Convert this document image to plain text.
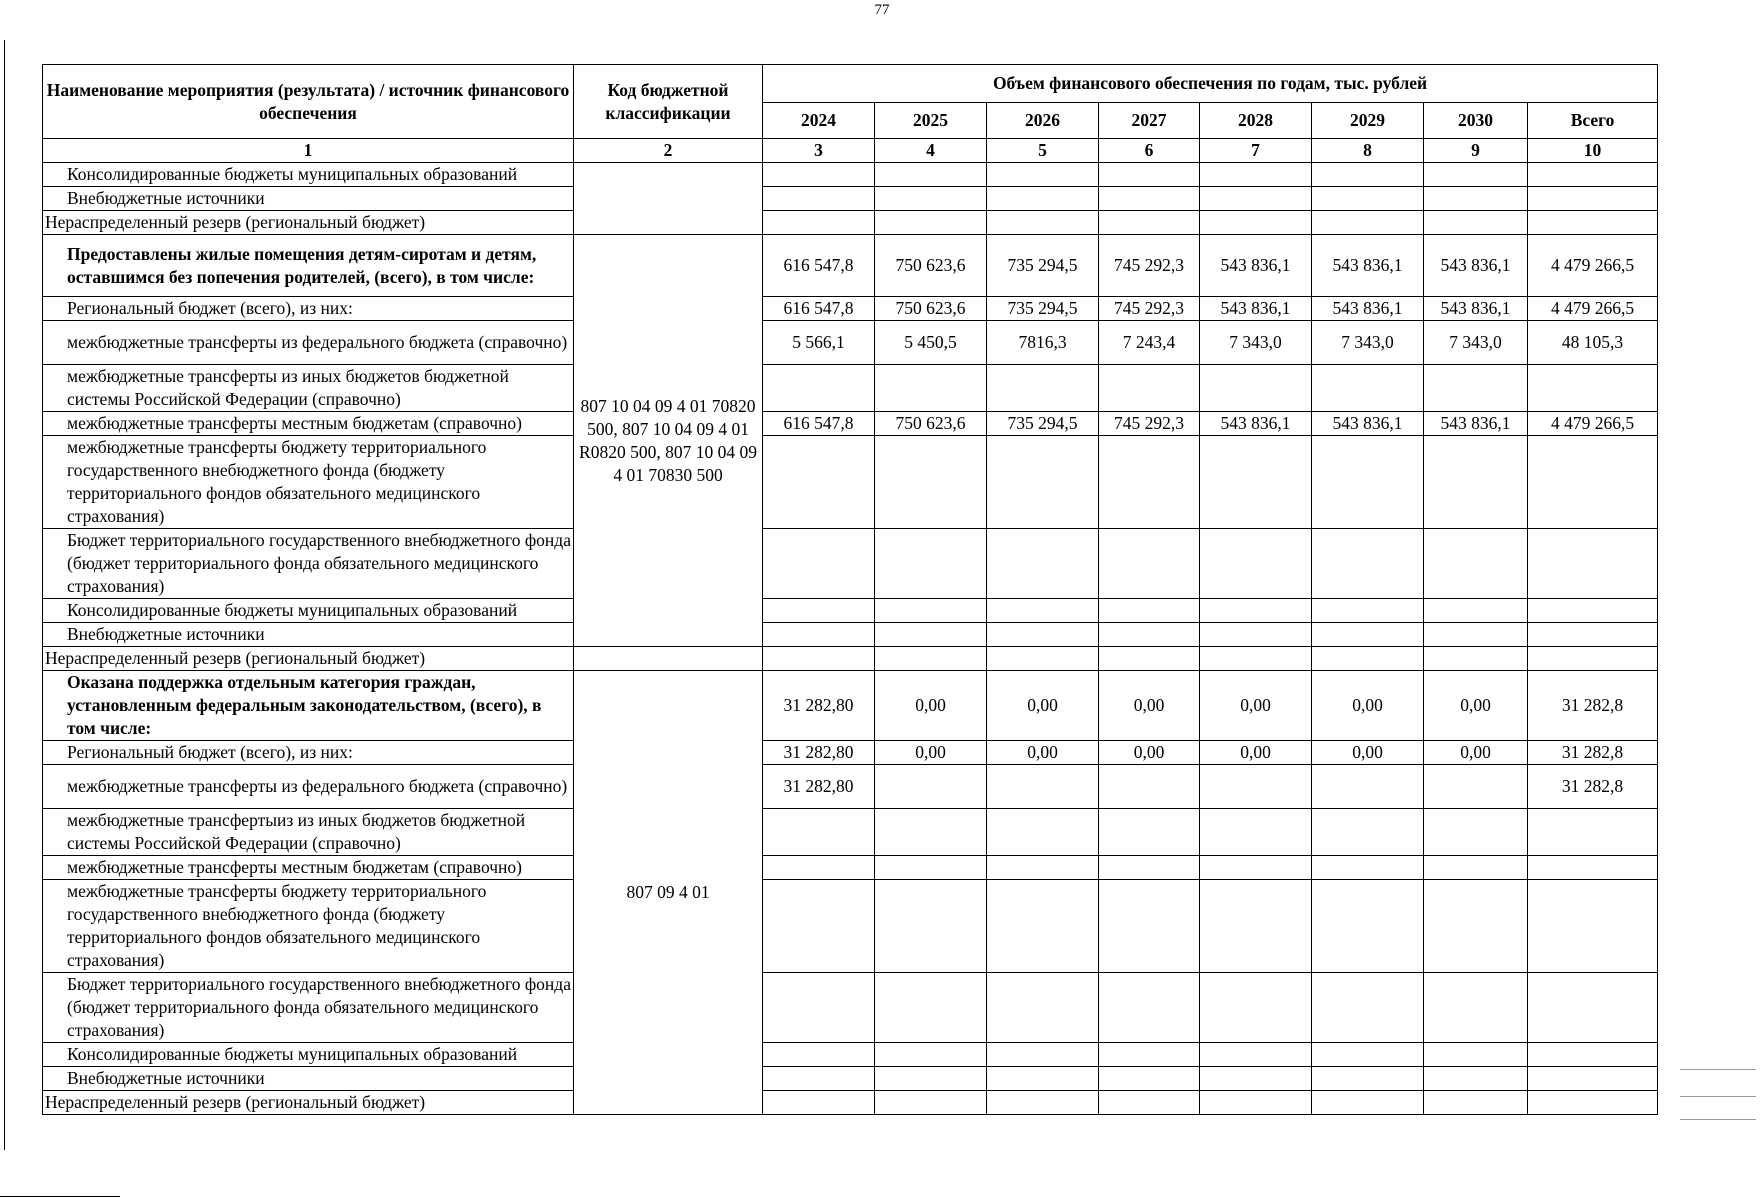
77
Наименование мероприятия (результата) / источник финансового обеспечения	Код бюджетной классификации	Объем финансового обеспечения по годам, тыс. рублей							
		2024	2025	2026	2027	2028	2029	2030	Всего
1	2	3	4	5	6	7	8	9	10
Консолидированные бюджеты муниципальных образований									
Внебюджетные источники									
Нераспределенный резерв (региональный бюджет)									
Предоставлены жилые помещения детям-сиротам и детям, оставшимся без попечения родителей, (всего), в том числе:	807 10 04 09 4 01 70820 500, 807 10 04 09 4 01 R0820 500, 807 10 04 09 4 01 70830 500	616 547,8	750 623,6	735 294,5	745 292,3	543 836,1	543 836,1	543 836,1	4 479 266,5
Региональный бюджет (всего), из них:		616 547,8	750 623,6	735 294,5	745 292,3	543 836,1	543 836,1	543 836,1	4 479 266,5
межбюджетные трансферты из федерального бюджета (справочно)		5 566,1	5 450,5	7816,3	7 243,4	7 343,0	7 343,0	7 343,0	48 105,3
межбюджетные трансферты из иных бюджетов бюджетной системы Российской Федерации (справочно)									
межбюджетные трансферты местным бюджетам (справочно)		616 547,8	750 623,6	735 294,5	745 292,3	543 836,1	543 836,1	543 836,1	4 479 266,5
межбюджетные трансферты бюджету территориального государственного внебюджетного фонда (бюджету территориального фондов обязательного медицинского страхования)									
Бюджет территориального государственного внебюджетного фонда (бюджет территориального фонда обязательного медицинского страхования)									
Консолидированные бюджеты муниципальных образований									
Внебюджетные источники									
Нераспределенный резерв (региональный бюджет)									
Оказана поддержка отдельным категория граждан, установленным федеральным законодательством, (всего), в том числе:	807 09 4 01	31 282,80	0,00	0,00	0,00	0,00	0,00	0,00	31 282,8
Региональный бюджет (всего), из них:		31 282,80	0,00	0,00	0,00	0,00	0,00	0,00	31 282,8
межбюджетные трансферты из федерального бюджета (справочно)		31 282,80							31 282,8
межбюджетные трансфертыиз из иных бюджетов бюджетной системы Российской Федерации (справочно)									
межбюджетные трансферты местным бюджетам (справочно)									
межбюджетные трансферты бюджету территориального государственного внебюджетного фонда (бюджету территориального фондов обязательного медицинского страхования)									
Бюджет территориального государственного внебюджетного фонда (бюджет территориального фонда обязательного медицинского страхования)									
Консолидированные бюджеты муниципальных образований									
Внебюджетные источники									
Нераспределенный резерв (региональный бюджет)									
